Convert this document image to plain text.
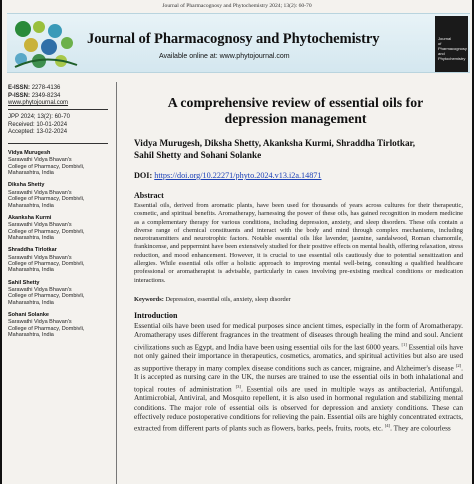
Journal of Pharmacognosy and Phytochemistry 2024; 13(2): 60-70
Journal of Pharmacognosy and Phytochemistry
Available online at: www.phytojournal.com
Journal
of
Pharmacognosy
and
Phytochemistry
E-ISSN: 2278-4136
P-ISSN: 2349-8234
www.phytojournal.com
JPP 2024; 13(2): 60-70
Received: 10-01-2024
Accepted: 13-02-2024
Vidya Murugesh
Sarawathi Vidya Bhavan's
College of Pharmacy, Dombivli,
Maharashtra, India
Diksha Shetty
Sarawathi Vidya Bhavan's
College of Pharmacy, Dombivli,
Maharashtra, India
Akanksha Kurmi
Sarawathi Vidya Bhavan's
College of Pharmacy, Dombivli,
Maharashtra, India
Shraddha Tirlotkar
Sarawathi Vidya Bhavan's
College of Pharmacy, Dombivli,
Maharashtra, India
Sahil Shetty
Sarawathi Vidya Bhavan's
College of Pharmacy, Dombivli,
Maharashtra, India
Sohani Solanke
Sarawathi Vidya Bhavan's
College of Pharmacy, Dombivli,
Maharashtra, India
A comprehensive review of essential oils for
depression management
Vidya Murugesh, Diksha Shetty, Akanksha Kurmi, Shraddha Tirlotkar,
Sahil Shetty and Sohani Solanke
DOI: https://doi.org/10.22271/phyto.2024.v13.i2a.14871
Abstract
Essential oils, derived from aromatic plants, have been used for thousands of years across cultures for their therapeutic, cosmetic, and spiritual benefits. Aromatherapy, harnessing the power of these oils, has gained recognition in modern medicine as a complementary therapy for various conditions, including depression, anxiety, and sleep disorders. These oils contain a diverse range of chemical constituents and interact with the body and mind through complex mechanisms, including neurotransmitters and neurotrophic factors. Notable essential oils like lavender, jasmine, sandalwood, Roman chamomile, frankincense, and peppermint have been extensively studied for their positive effects on mental health, offering relaxation, stress reduction, and mood enhancement. However, it is crucial to use essential oils cautiously due to potential sensitization and allergies. While essential oils offer a holistic approach to improving mental well-being, consulting a qualified healthcare professional or aromatherapist is advisable, particularly in cases involving pre-existing medical conditions or medication interactions.
Keywords: Depression, essential oils, anxiety, sleep disorder
Introduction
Essential oils have been used for medical purposes since ancient times, especially in the form of Aromatherapy. Aromatherapy uses different fragrances in the treatment of diseases through healing the mind and soul. Ancient civilizations such as Egypt, and India have been using essential oils for the last 6000 years. [1] Essential oils have not only gained their importance in therapeutics, cosmetics, aromatics, and spiritual activities but also are used as supportive therapy in many complex disease conditions such as cancer, migraine, and Alzheimer's disease [2]. It is accepted as nursing care in the UK, the nurses are trained to use the essential oils in both inhalational and topical routes of administration [3]. Essential oils are used in multiple ways as antibacterial, Antifungal, Antimicrobial, Antiviral, and Mosquito repellent, it is also used in hormonal regulation and stabilizing mental conditions. The major role of essential oils is observed for depression and anxiety conditions. These can effectively reduce postoperative conditions for relieving the pain. Essential oils are highly concentrated extracts, extracted from different parts of plants such as flowers, barks, peels, fruits, roots, etc. [4]. They are colourless
